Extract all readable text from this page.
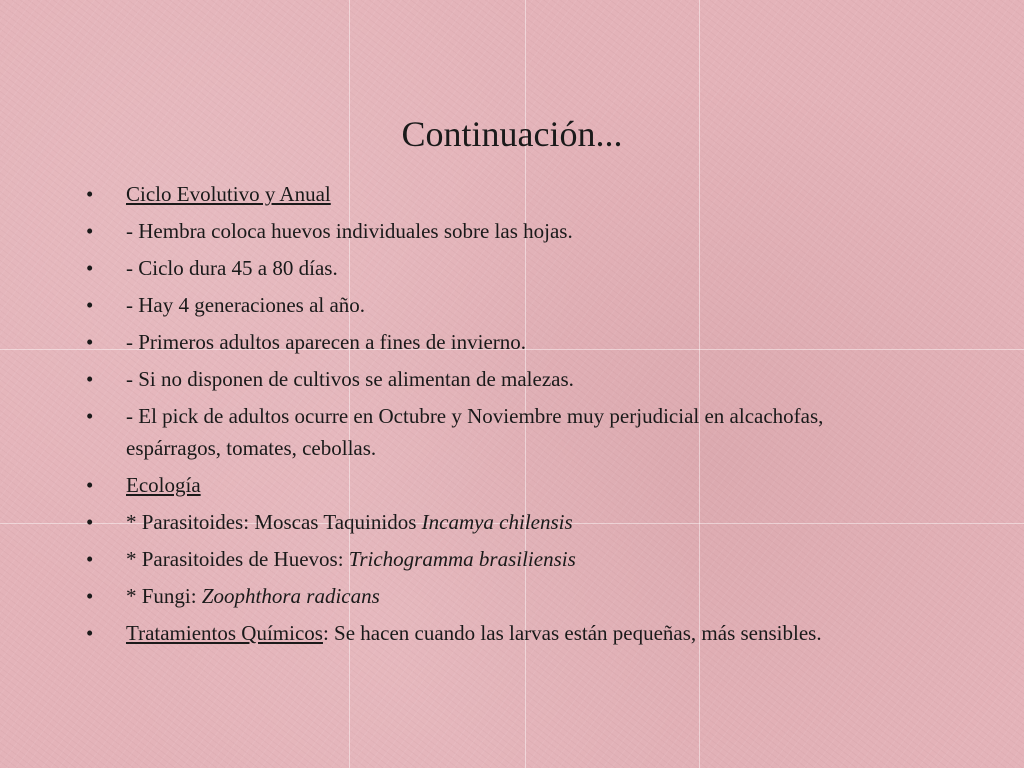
Continuación...
• Ciclo Evolutivo y Anual
• - Hembra coloca huevos individuales sobre las hojas.
• - Ciclo dura 45 a 80 días.
• - Hay 4 generaciones al año.
• - Primeros adultos aparecen a fines de invierno.
• - Si no disponen de cultivos se alimentan de malezas.
• - El pick de adultos ocurre en Octubre y Noviembre muy perjudicial en alcachofas, espárragos, tomates, cebollas.
• Ecología
• * Parasitoides: Moscas Taquinidos Incamya chilensis
• * Parasitoides de Huevos: Trichogramma brasiliensis
• * Fungi: Zoophthora radicans
• Tratamientos Químicos: Se hacen cuando las larvas están pequeñas, más sensibles.
